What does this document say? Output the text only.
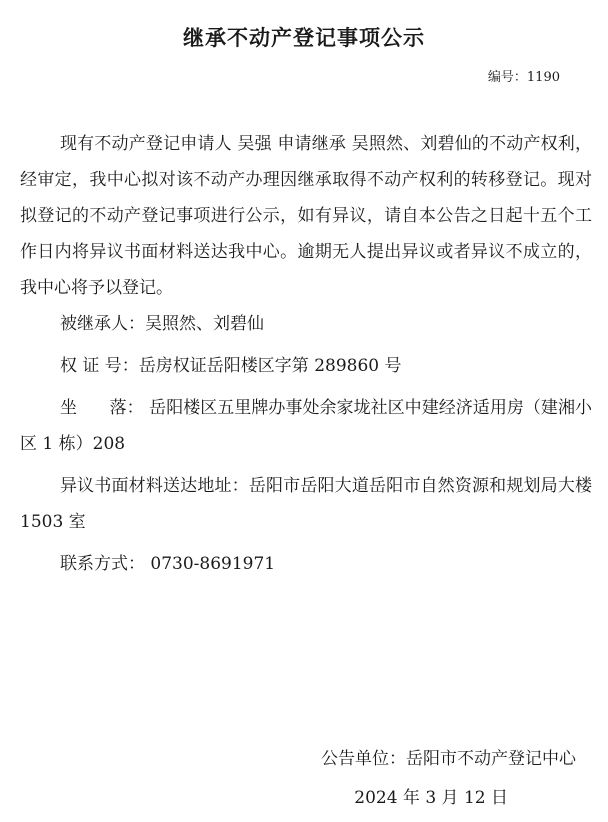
继承不动产登记事项公示
编号：1190

现有不动产登记申请人 吴强 申请继承 吴照然、刘碧仙的不动产权利，经审定，我中心拟对该不动产办理因继承取得不动产权利的转移登记。现对拟登记的不动产登记事项进行公示，如有异议，请自本公告之日起十五个工作日内将异议书面材料送达我中心。逾期无人提出异议或者异议不成立的，我中心将予以登记。

被继承人：吴照然、刘碧仙

权 证 号：岳房权证岳阳楼区字第 289860 号

坐      落： 岳阳楼区五里牌办事处余家垅社区中建经济适用房（建湘小区 1 栋）208

异议书面材料送达地址：岳阳市岳阳大道岳阳市自然资源和规划局大楼 1503 室

联系方式： 0730-8691971

公告单位：岳阳市不动产登记中心
2024 年 3 月 12 日
